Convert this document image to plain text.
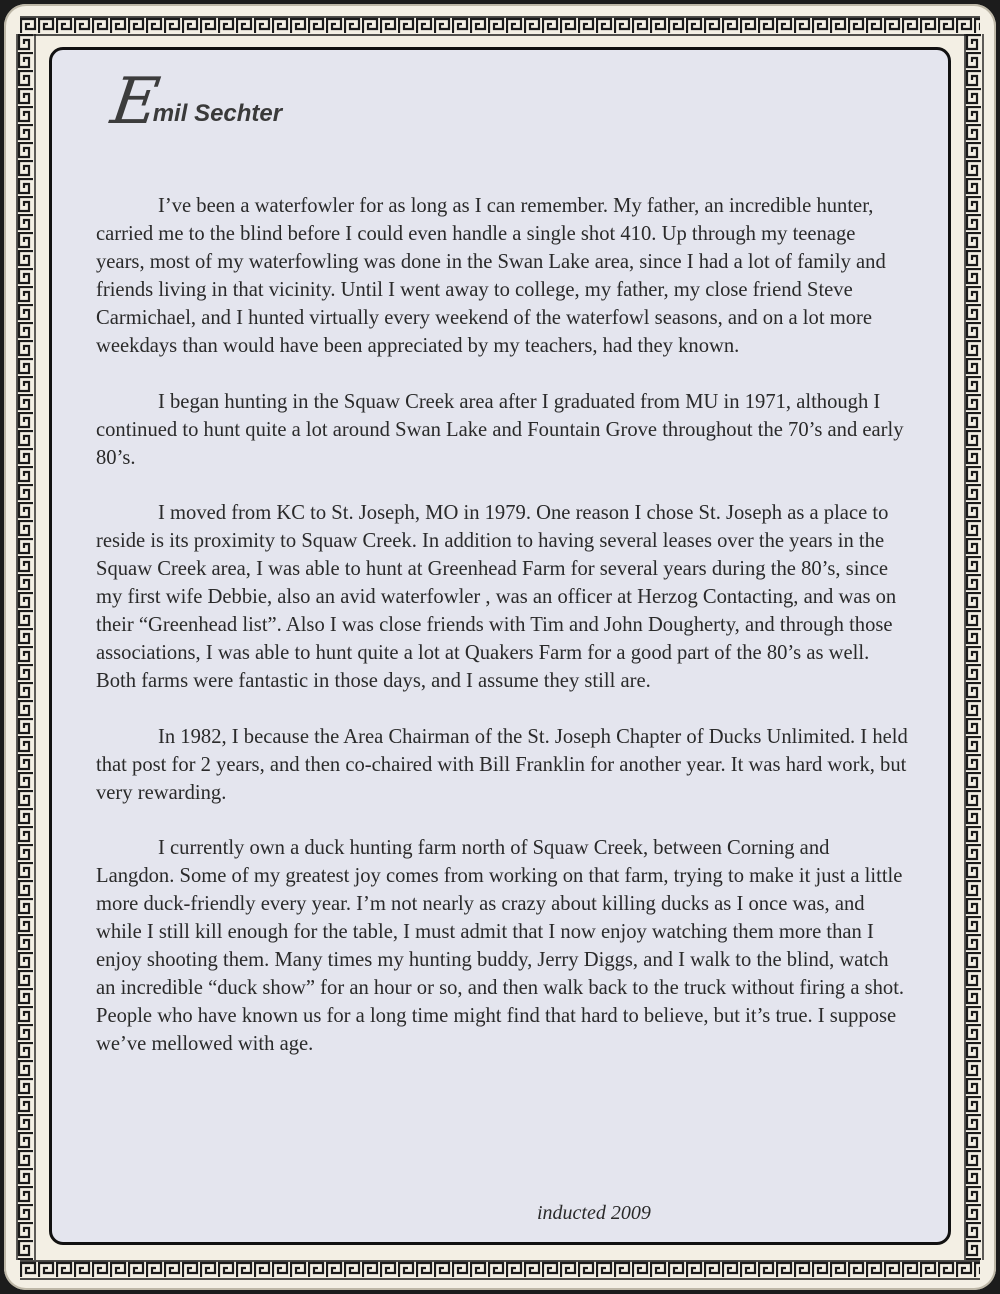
E
mil Sechter

I’ve been a waterfowler for as long as I can remember. My father, an incredible hunter, carried me to the blind before I could even handle a single shot 410. Up through my teenage years, most of my waterfowling was done in the Swan Lake area, since I had a lot of family and friends living in that vicinity. Until I went away to college, my father, my close friend Steve Carmichael, and I hunted virtually every weekend of the waterfowl seasons, and on a lot more weekdays than would have been appreciated by my teachers, had they known.

I began hunting in the Squaw Creek area after I graduated from MU in 1971, although I continued to hunt quite a lot around Swan Lake and Fountain Grove throughout the 70’s and early 80’s.

I moved from KC to St. Joseph, MO in 1979. One reason I chose St. Joseph as a place to reside is its proximity to Squaw Creek. In addition to having several leases over the years in the Squaw Creek area, I was able to hunt at Greenhead Farm for several years during the 80’s, since my first wife Debbie, also an avid waterfowler , was an officer at Herzog Contacting, and was on their “Greenhead list”. Also I was close friends with Tim and John Dougherty, and through those associations, I was able to hunt quite a lot at Quakers Farm for a good part of the 80’s as well. Both farms were fantastic in those days, and I assume they still are.

In 1982, I because the Area Chairman of the St. Joseph Chapter of Ducks Unlimited. I held that post for 2 years, and then co-chaired with Bill Franklin for another year. It was hard work, but very rewarding.

I currently own a duck hunting farm north of Squaw Creek, between Corning and Langdon. Some of my greatest joy comes from working on that farm, trying to make it just a little more duck-friendly every year. I’m not nearly as crazy about killing ducks as I once was, and while I still kill enough for the table, I must admit that I now enjoy watching them more than I enjoy shooting them. Many times my hunting buddy, Jerry Diggs, and I walk to the blind, watch an incredible “duck show” for an hour or so, and then walk back to the truck without firing a shot. People who have known us for a long time might find that hard to believe, but it’s true. I suppose we’ve mellowed with age.

inducted 2009
